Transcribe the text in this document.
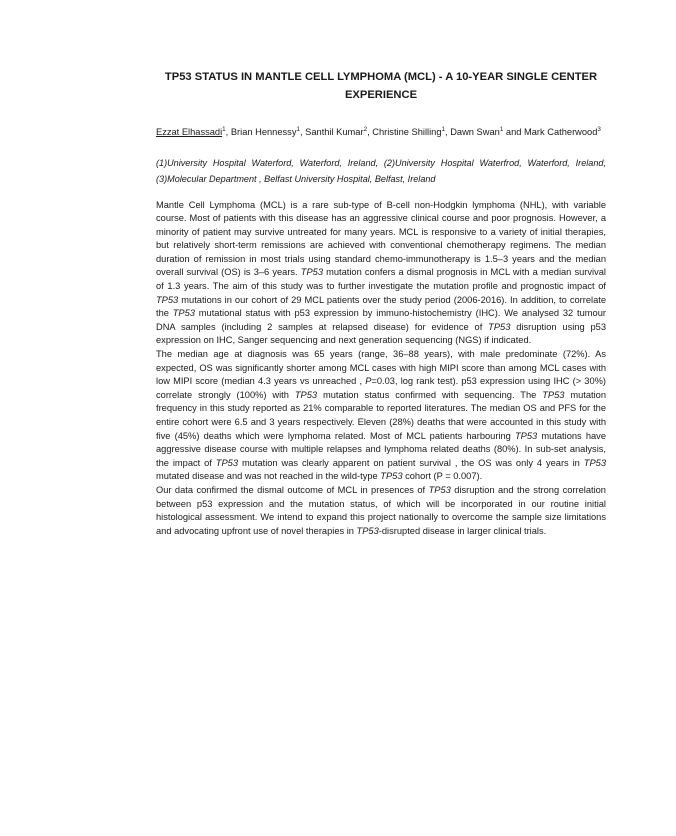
TP53 STATUS IN MANTLE CELL LYMPHOMA (MCL) - A 10-YEAR SINGLE CENTER EXPERIENCE
Ezzat Elhassadi$^1$, Brian Hennessy$^1$, Santhil Kumar$^2$, Christine Shilling$^1$, Dawn Swan$^1$ and Mark Catherwood$^3$
(1)University Hospital Waterford, Waterford, Ireland, (2)University Hospital Waterfrod, Waterford, Ireland, (3)Molecular Department , Belfast University Hospital, Belfast, Ireland

Mantle Cell Lymphoma (MCL) is a rare sub-type of B-cell non-Hodgkin lymphoma (NHL), with variable course. Most of patients with this disease has an aggressive clinical course and poor prognosis. However, a minority of patient may survive untreated for many years. MCL is responsive to a variety of initial therapies, but relatively short-term remissions are achieved with conventional chemotherapy regimens. The median duration of remission in most trials using standard chemo-immunotherapy is 1.5–3 years and the median overall survival (OS) is 3–6 years. TP53 mutation confers a dismal prognosis in MCL with a median survival of 1.3 years. The aim of this study was to further investigate the mutation profile and prognostic impact of TP53 mutations in our cohort of 29 MCL patients over the study period (2006-2016). In addition, to correlate the TP53 mutational status with p53 expression by immuno-histochemistry (IHC). We analysed 32 tumour DNA samples (including 2 samples at relapsed disease) for evidence of TP53 disruption using p53 expression on IHC, Sanger sequencing and next generation sequencing (NGS) if indicated.

The median age at diagnosis was 65 years (range, 36–88 years), with male predominate (72%). As expected, OS was significantly shorter among MCL cases with high MIPI score than among MCL cases with low MIPI score (median 4.3 years vs unreached , P=0.03, log rank test). p53 expression using IHC (> 30%) correlate strongly (100%) with TP53 mutation status confirmed with sequencing. The TP53 mutation frequency in this study reported as 21% comparable to reported literatures. The median OS and PFS for the entire cohort were 6.5 and 3 years respectively. Eleven (28%) deaths that were accounted in this study with five (45%) deaths which were lymphoma related. Most of MCL patients harbouring TP53 mutations have aggressive disease course with multiple relapses and lymphoma related deaths (80%). In sub-set analysis, the impact of TP53 mutation was clearly apparent on patient survival , the OS was only 4 years in TP53 mutated disease and was not reached in the wild-type TP53 cohort (P = 0.007).

Our data confirmed the dismal outcome of MCL in presences of TP53 disruption and the strong correlation between p53 expression and the mutation status, of which will be incorporated in our routine initial histological assessment. We intend to expand this project nationally to overcome the sample size limitations and advocating upfront use of novel therapies in TP53-disrupted disease in larger clinical trials.
